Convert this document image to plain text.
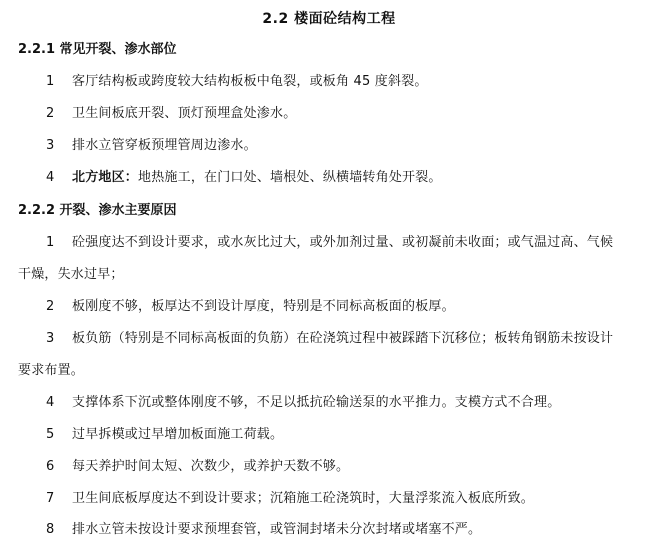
2.2 楼面砼结构工程
2.2.1 常见开裂、渗水部位
1 客厅结构板或跨度较大结构板板中龟裂，或板角 45 度斜裂。
2 卫生间板底开裂、顶灯预埋盒处渗水。
3 排水立管穿板预埋管周边渗水。
4 北方地区：地热施工，在门口处、墙根处、纵横墙转角处开裂。
2.2.2 开裂、渗水主要原因
1 砼强度达不到设计要求，或水灰比过大，或外加剂过量、或初凝前未收面；或气温过高、气候
干燥，失水过早；
2 板刚度不够，板厚达不到设计厚度，特别是不同标高板面的板厚。
3 板负筋（特别是不同标高板面的负筋）在砼浇筑过程中被踩踏下沉移位；板转角钢筋未按设计
要求布置。
4 支撑体系下沉或整体刚度不够，不足以抵抗砼输送泵的水平推力。支模方式不合理。
5 过早拆模或过早增加板面施工荷载。
6 每天养护时间太短、次数少，或养护天数不够。
7 卫生间底板厚度达不到设计要求；沉箱施工砼浇筑时，大量浮浆流入板底所致。
8 排水立管未按设计要求预埋套管，或管洞封堵未分次封堵或堵塞不严。
